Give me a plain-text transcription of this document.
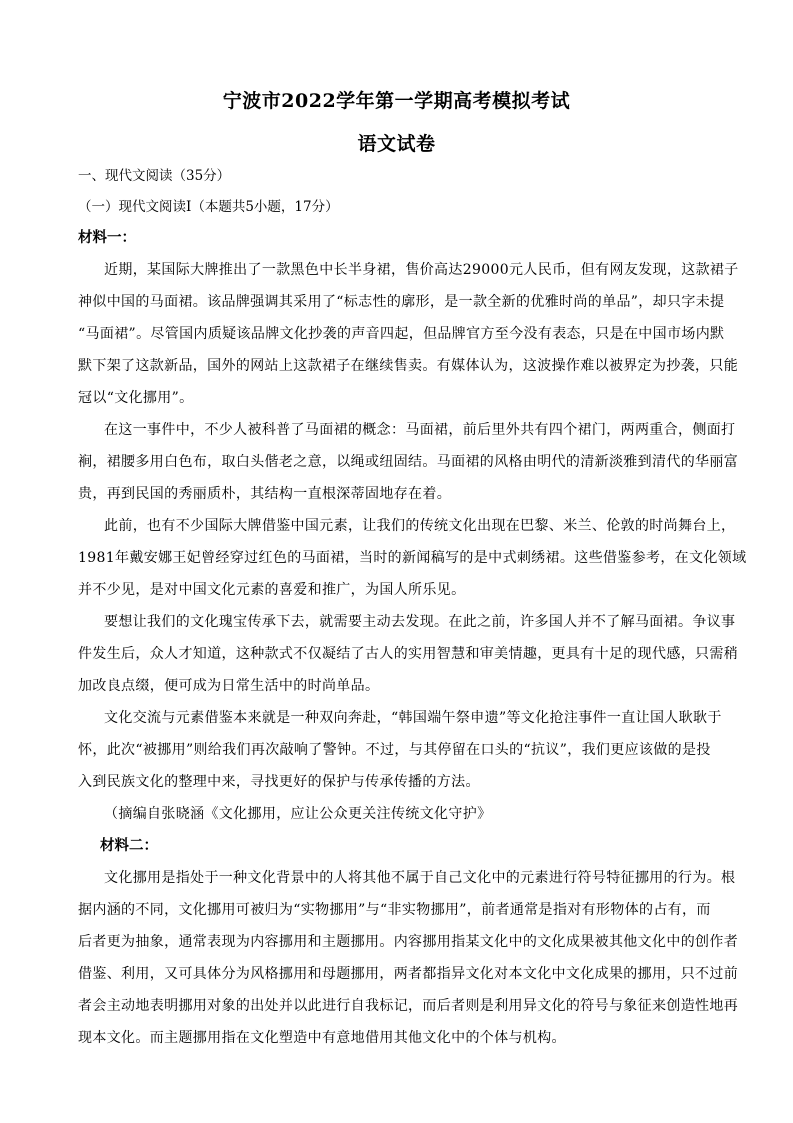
宁波市2022学年第一学期高考模拟考试
语文试卷
一、现代文阅读（35分）
（一）现代文阅读Ⅰ（本题共5小题，17分）
材料一：
近期，某国际大牌推出了一款黑色中长半身裙，售价高达29000元人民币，但有网友发现，这款裙子
神似中国的马面裙。该品牌强调其采用了“标志性的廓形，是一款全新的优雅时尚的单品”，却只字未提
“马面裙”。尽管国内质疑该品牌文化抄袭的声音四起，但品牌官方至今没有表态，只是在中国市场内默
默下架了这款新品，国外的网站上这款裙子在继续售卖。有媒体认为，这波操作难以被界定为抄袭，只能
冠以“文化挪用”。
在这一事件中，不少人被科普了马面裙的概念：马面裙，前后里外共有四个裙门，两两重合，侧面打
裥，裙腰多用白色布，取白头偕老之意，以绳或纽固结。马面裙的风格由明代的清新淡雅到清代的华丽富
贵，再到民国的秀丽质朴，其结构一直根深蒂固地存在着。
此前，也有不少国际大牌借鉴中国元素，让我们的传统文化出现在巴黎、米兰、伦敦的时尚舞台上，
1981年戴安娜王妃曾经穿过红色的马面裙，当时的新闻稿写的是中式刺绣裙。这些借鉴参考，在文化领域
并不少见，是对中国文化元素的喜爱和推广，为国人所乐见。
要想让我们的文化瑰宝传承下去，就需要主动去发现。在此之前，许多国人并不了解马面裙。争议事
件发生后，众人才知道，这种款式不仅凝结了古人的实用智慧和审美情趣，更具有十足的现代感，只需稍
加改良点缀，便可成为日常生活中的时尚单品。
文化交流与元素借鉴本来就是一种双向奔赴，“韩国端午祭申遗”等文化抢注事件一直让国人耿耿于
怀，此次“被挪用”则给我们再次敲响了警钟。不过，与其停留在口头的“抗议”，我们更应该做的是投
入到民族文化的整理中来，寻找更好的保护与传承传播的方法。
（摘编自张晓涵《文化挪用，应让公众更关注传统文化守护》
材料二：
文化挪用是指处于一种文化背景中的人将其他不属于自己文化中的元素进行符号特征挪用的行为。根
据内涵的不同，文化挪用可被归为“实物挪用”与“非实物挪用”，前者通常是指对有形物体的占有，而
后者更为抽象，通常表现为内容挪用和主题挪用。内容挪用指某文化中的文化成果被其他文化中的创作者
借鉴、利用，又可具体分为风格挪用和母题挪用，两者都指异文化对本文化中文化成果的挪用，只不过前
者会主动地表明挪用对象的出处并以此进行自我标记，而后者则是利用异文化的符号与象征来创造性地再
现本文化。而主题挪用指在文化塑造中有意地借用其他文化中的个体与机构。
